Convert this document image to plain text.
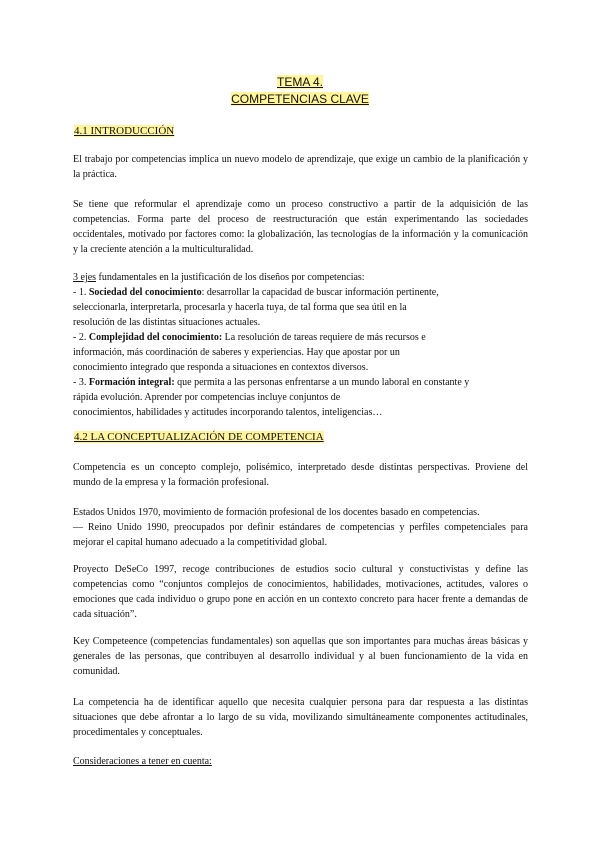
TEMA 4.
COMPETENCIAS CLAVE
4.1 INTRODUCCIÓN

El trabajo por competencias implica un nuevo modelo de aprendizaje, que exige un cambio de la planificación y la práctica.

Se tiene que reformular el aprendizaje como un proceso constructivo a partir de la adquisición de las competencias. Forma parte del proceso de reestructuración que están experimentando las sociedades occidentales, motivado por factores como: la globalización, las tecnologías de la información y la comunicación y la creciente atención a la multiculturalidad.

3 ejes fundamentales en la justificación de los diseños por competencias:
- 1. Sociedad del conocimiento: desarrollar la capacidad de buscar información pertinente,
seleccionarla, interpretarla, procesarla y hacerla tuya, de tal forma que sea útil en la
resolución de las distintas situaciones actuales.
- 2. Complejidad del conocimiento: La resolución de tareas requiere de más recursos e
información, más coordinación de saberes y experiencias. Hay que apostar por un
conocimiento integrado que responda a situaciones en contextos diversos.
- 3. Formación integral: que permita a las personas enfrentarse a un mundo laboral en constante y
rápida evolución. Aprender por competencias incluye conjuntos de
conocimientos, habilidades y actitudes incorporando talentos, inteligencias…
4.2 LA CONCEPTUALIZACIÓN DE COMPETENCIA

Competencia es un concepto complejo, polisémico, interpretado desde distintas perspectivas. Proviene del mundo de la empresa y la formación profesional.

Estados Unidos 1970, movimiento de formación profesional de los docentes basado en competencias.
–– Reino Unido 1990, preocupados por definir estándares de competencias y perfiles competenciales para mejorar el capital humano adecuado a la competitividad global.

Proyecto DeSeCo 1997, recoge contribuciones de estudios socio cultural y constuctivistas y define las competencias como “conjuntos complejos de conocimientos, habilidades, motivaciones, actitudes, valores o emociones que cada individuo o grupo pone en acción en un contexto concreto para hacer frente a demandas de cada situación”.

Key Competeence (competencias fundamentales) son aquellas que son importantes para muchas áreas básicas y generales de las personas, que contribuyen al desarrollo individual y al buen funcionamiento de la vida en comunidad.

La competencia ha de identificar aquello que necesita cualquier persona para dar respuesta a las distintas situaciones que debe afrontar a lo largo de su vida, movilizando simultáneamente componentes actitudinales, procedimentales y conceptuales.

Consideraciones a tener en cuenta:
